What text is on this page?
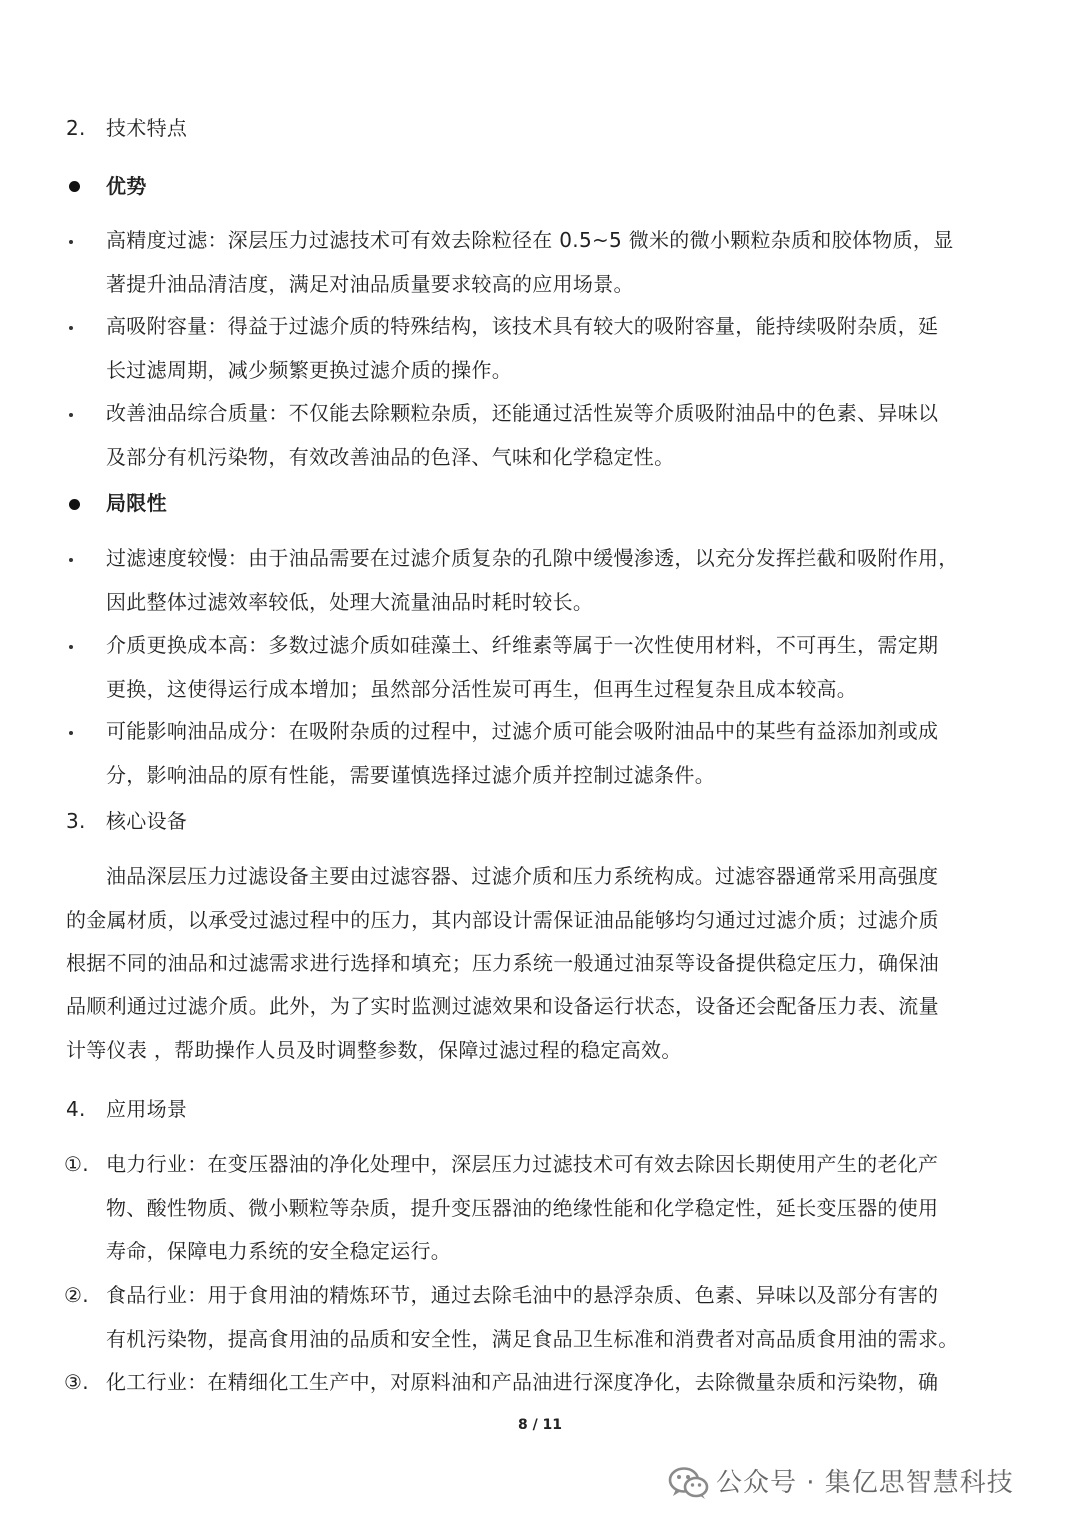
2. 技术特点
优势
高精度过滤：深层压力过滤技术可有效去除粒径在 0.5~5 微米的微小颗粒杂质和胶体物质，显
著提升油品清洁度，满足对油品质量要求较高的应用场景。
高吸附容量：得益于过滤介质的特殊结构，该技术具有较大的吸附容量，能持续吸附杂质，延
长过滤周期，减少频繁更换过滤介质的操作。
改善油品综合质量：不仅能去除颗粒杂质，还能通过活性炭等介质吸附油品中的色素、异味以
及部分有机污染物，有效改善油品的色泽、气味和化学稳定性。
局限性
过滤速度较慢：由于油品需要在过滤介质复杂的孔隙中缓慢渗透，以充分发挥拦截和吸附作用，
因此整体过滤效率较低，处理大流量油品时耗时较长。
介质更换成本高：多数过滤介质如硅藻土、纤维素等属于一次性使用材料，不可再生，需定期
更换，这使得运行成本增加；虽然部分活性炭可再生，但再生过程复杂且成本较高。
可能影响油品成分：在吸附杂质的过程中，过滤介质可能会吸附油品中的某些有益添加剂或成
分，影响油品的原有性能，需要谨慎选择过滤介质并控制过滤条件。
3. 核心设备
油品深层压力过滤设备主要由过滤容器、过滤介质和压力系统构成。过滤容器通常采用高强度
的金属材质，以承受过滤过程中的压力，其内部设计需保证油品能够均匀通过过滤介质；过滤介质
根据不同的油品和过滤需求进行选择和填充；压力系统一般通过油泵等设备提供稳定压力，确保油
品顺利通过过滤介质。此外，为了实时监测过滤效果和设备运行状态，设备还会配备压力表、流量
计等仪表 ，帮助操作人员及时调整参数，保障过滤过程的稳定高效。
4. 应用场景
①. 电力行业：在变压器油的净化处理中，深层压力过滤技术可有效去除因长期使用产生的老化产
物、酸性物质、微小颗粒等杂质，提升变压器油的绝缘性能和化学稳定性，延长变压器的使用
寿命，保障电力系统的安全稳定运行。
②. 食品行业：用于食用油的精炼环节，通过去除毛油中的悬浮杂质、色素、异味以及部分有害的
有机污染物，提高食用油的品质和安全性，满足食品卫生标准和消费者对高品质食用油的需求。
③. 化工行业：在精细化工生产中，对原料油和产品油进行深度净化，去除微量杂质和污染物，确
8 / 11
公众号 · 集亿思智慧科技
